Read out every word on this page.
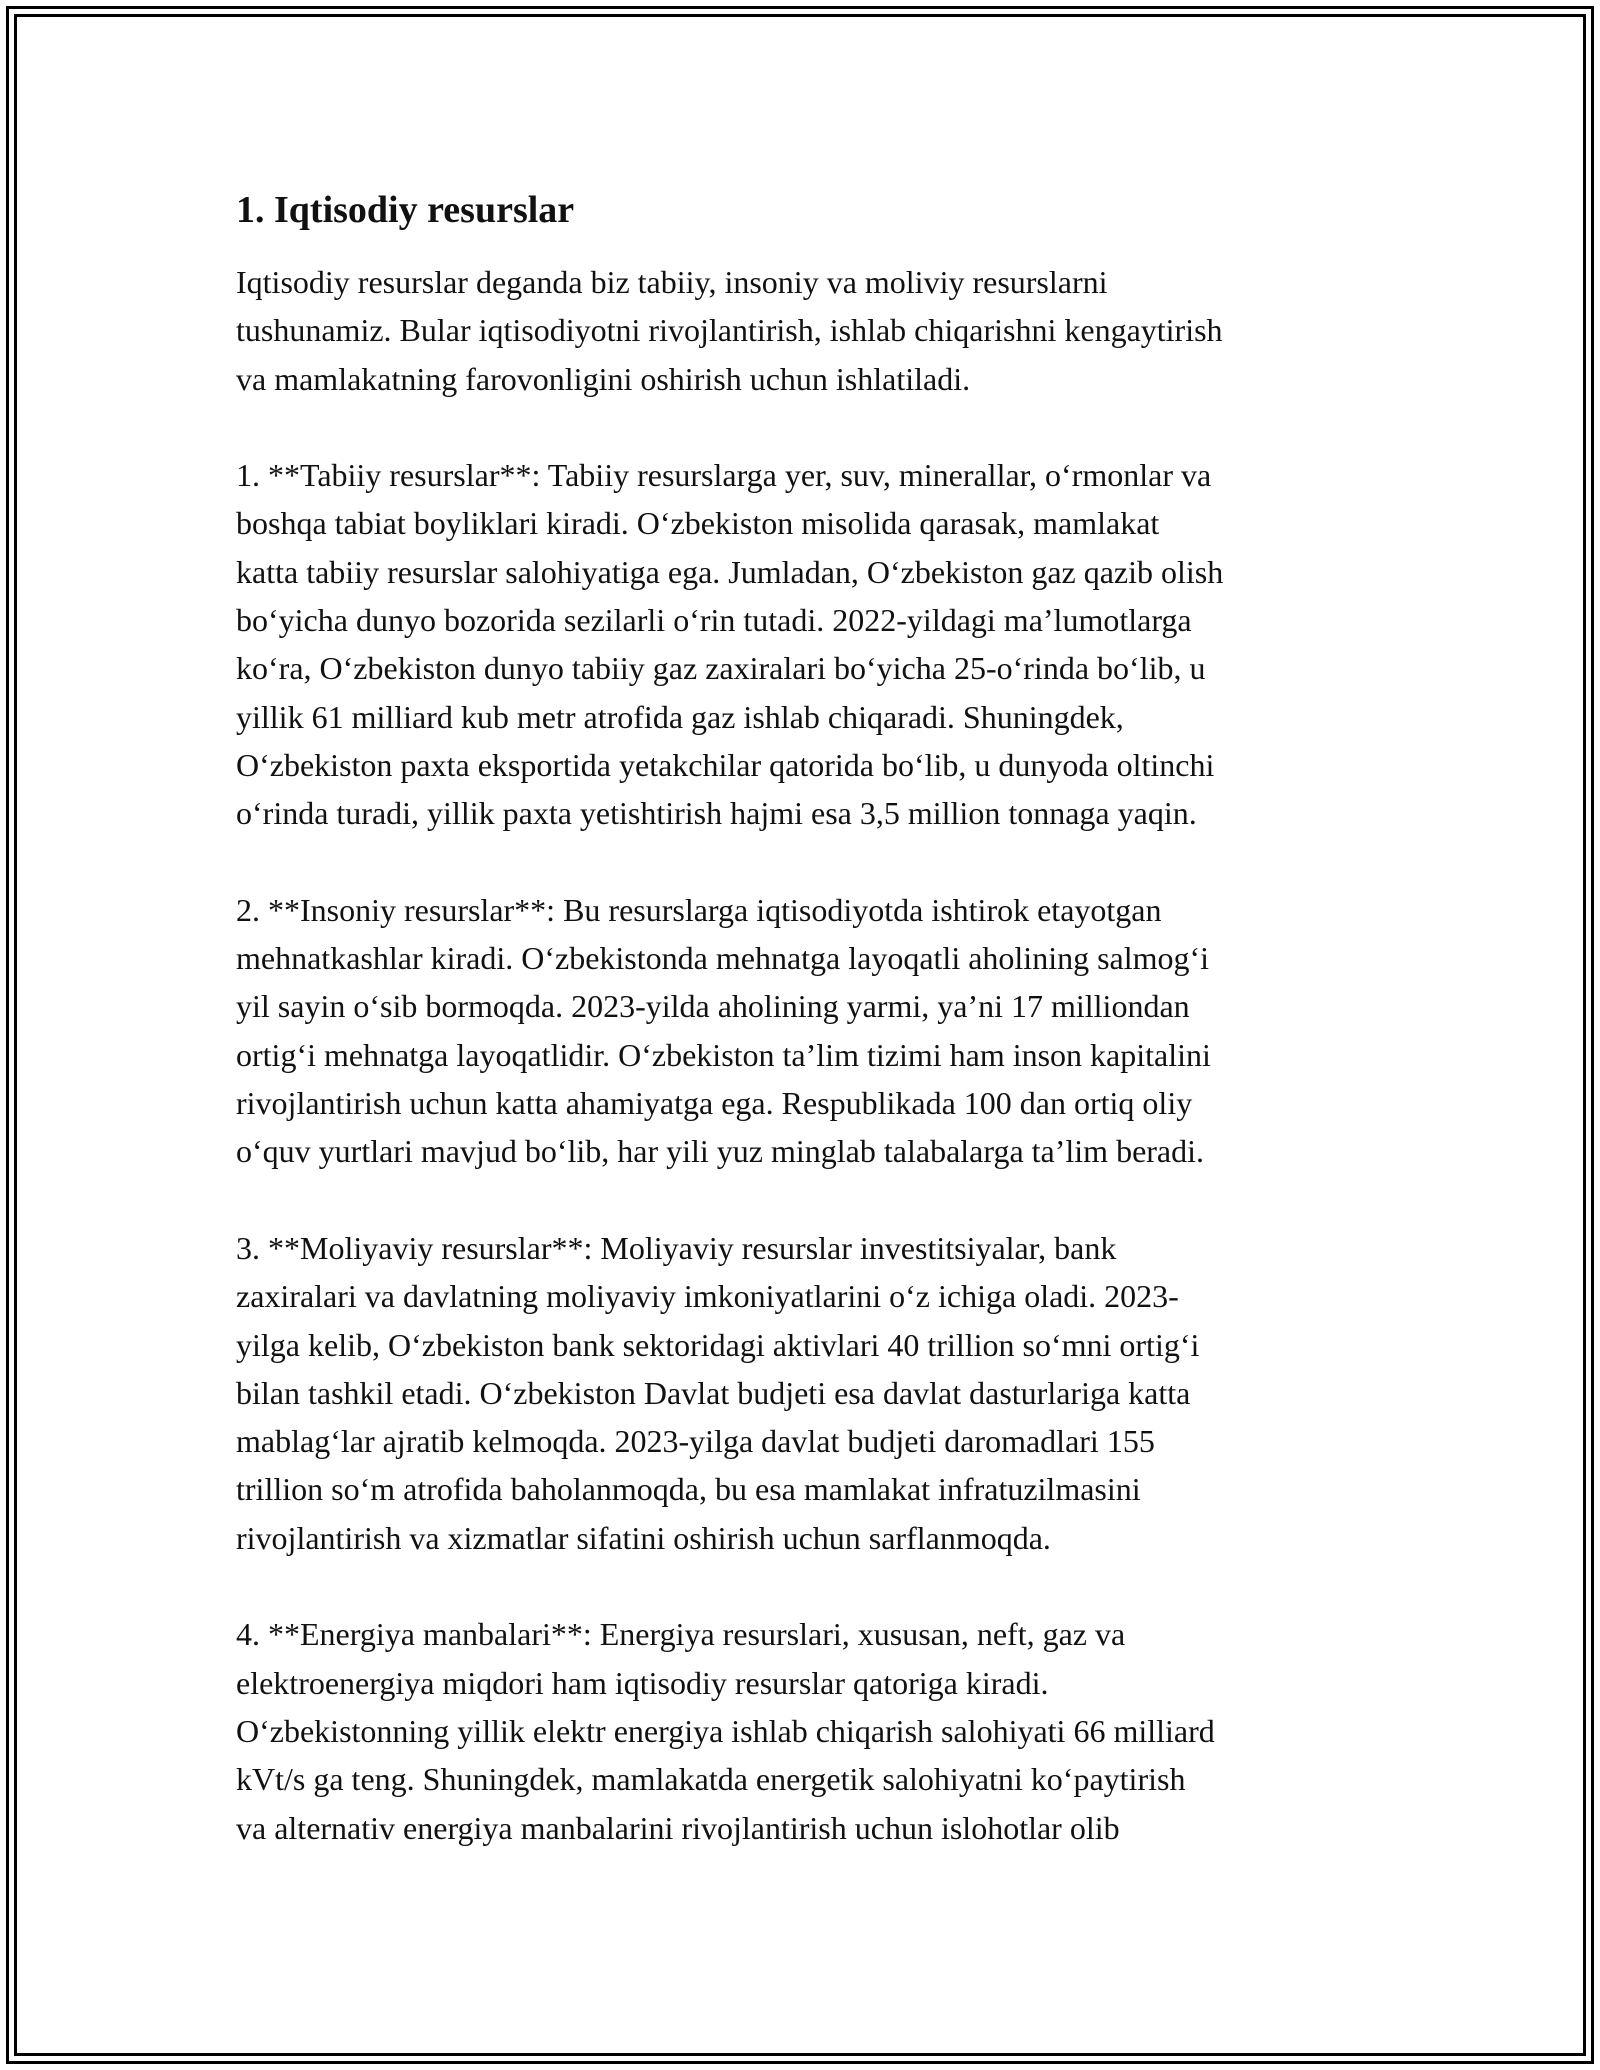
1. Iqtisodiy resurslar
Iqtisodiy resurslar deganda biz tabiiy, insoniy va moliviy resurslarni
tushunamiz. Bular iqtisodiyotni rivojlantirish, ishlab chiqarishni kengaytirish
va mamlakatning farovonligini oshirish uchun ishlatiladi.
1. **Tabiiy resurslar**: Tabiiy resurslarga yer, suv, minerallar, o‘rmonlar va
boshqa tabiat boyliklari kiradi. O‘zbekiston misolida qarasak, mamlakat
katta tabiiy resurslar salohiyatiga ega. Jumladan, O‘zbekiston gaz qazib olish
bo‘yicha dunyo bozorida sezilarli o‘rin tutadi. 2022-yildagi ma’lumotlarga
ko‘ra, O‘zbekiston dunyo tabiiy gaz zaxiralari bo‘yicha 25-o‘rinda bo‘lib, u
yillik 61 milliard kub metr atrofida gaz ishlab chiqaradi. Shuningdek,
O‘zbekiston paxta eksportida yetakchilar qatorida bo‘lib, u dunyoda oltinchi
o‘rinda turadi, yillik paxta yetishtirish hajmi esa 3,5 million tonnaga yaqin.
2. **Insoniy resurslar**: Bu resurslarga iqtisodiyotda ishtirok etayotgan
mehnatkashlar kiradi. O‘zbekistonda mehnatga layoqatli aholining salmog‘i
yil sayin o‘sib bormoqda. 2023-yilda aholining yarmi, ya’ni 17 milliondan
ortig‘i mehnatga layoqatlidir. O‘zbekiston ta’lim tizimi ham inson kapitalini
rivojlantirish uchun katta ahamiyatga ega. Respublikada 100 dan ortiq oliy
o‘quv yurtlari mavjud bo‘lib, har yili yuz minglab talabalarga ta’lim beradi.
3. **Moliyaviy resurslar**: Moliyaviy resurslar investitsiyalar, bank
zaxiralari va davlatning moliyaviy imkoniyatlarini o‘z ichiga oladi. 2023-
yilga kelib, O‘zbekiston bank sektoridagi aktivlari 40 trillion so‘mni ortig‘i
bilan tashkil etadi. O‘zbekiston Davlat budjeti esa davlat dasturlariga katta
mablag‘lar ajratib kelmoqda. 2023-yilga davlat budjeti daromadlari 155
trillion so‘m atrofida baholanmoqda, bu esa mamlakat infratuzilmasini
rivojlantirish va xizmatlar sifatini oshirish uchun sarflanmoqda.
4. **Energiya manbalari**: Energiya resurslari, xususan, neft, gaz va
elektroenergiya miqdori ham iqtisodiy resurslar qatoriga kiradi.
O‘zbekistonning yillik elektr energiya ishlab chiqarish salohiyati 66 milliard
kVt/s ga teng. Shuningdek, mamlakatda energetik salohiyatni ko‘paytirish
va alternativ energiya manbalarini rivojlantirish uchun islohotlar olib
